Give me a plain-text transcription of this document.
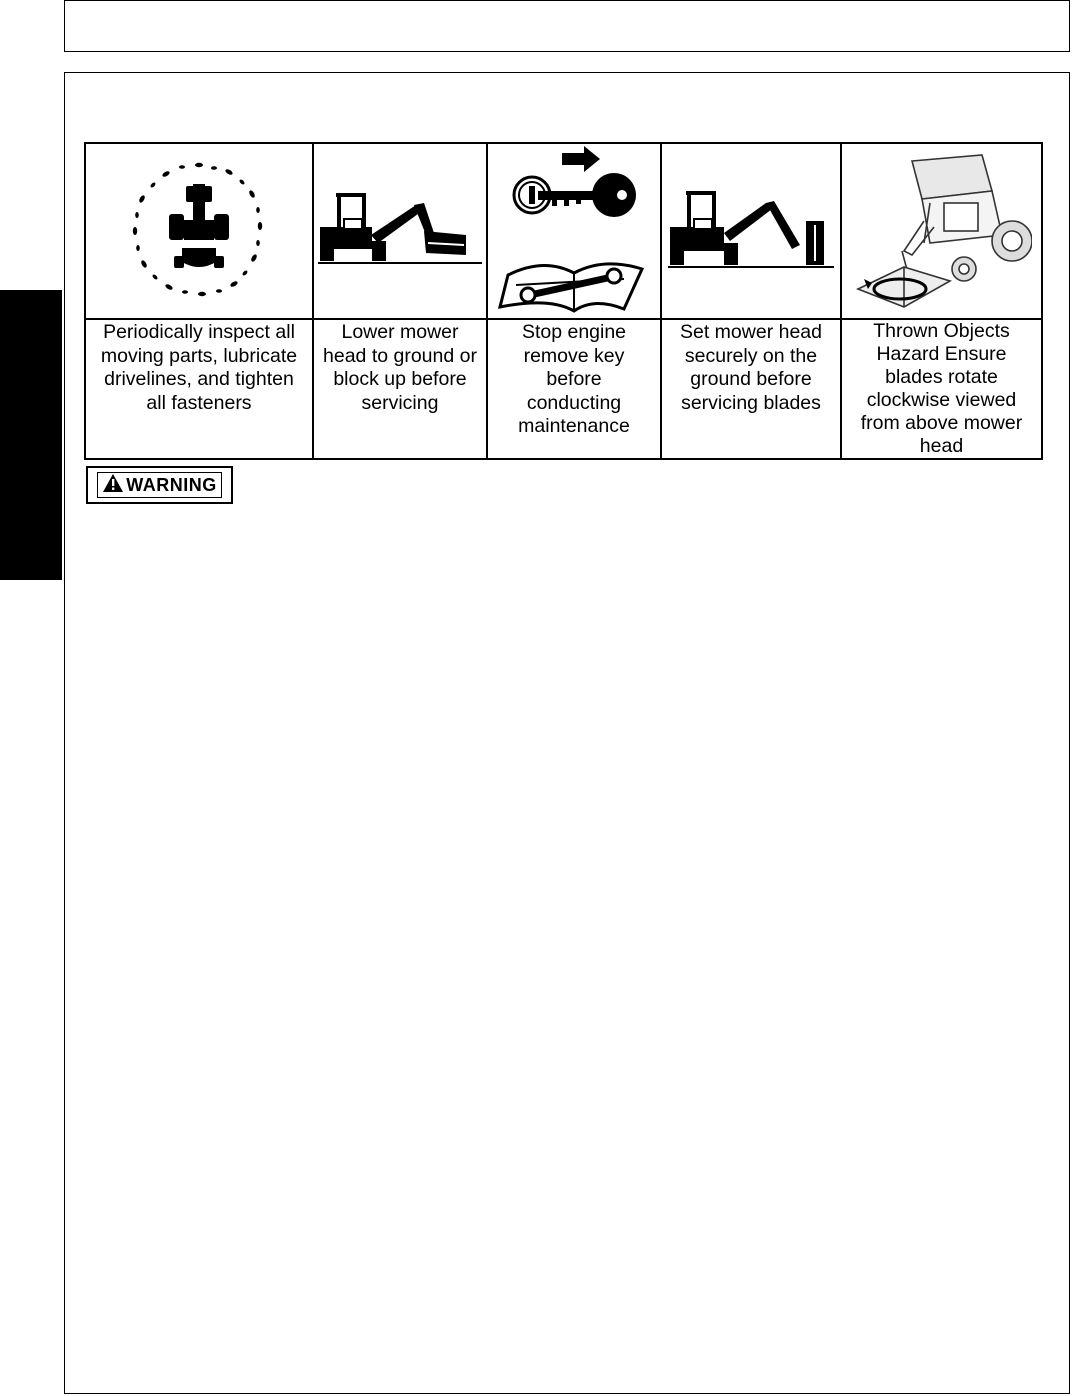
Periodically inspect all
moving parts, lubricate
drivelines, and tighten
all fasteners
Lower mower
head to ground or
block up before
servicing
Stop engine
remove key
before
conducting
maintenance
Set mower head
securely on the
ground before
servicing blades
Thrown Objects
Hazard Ensure
blades rotate
clockwise viewed
from above mower
head
WARNING
